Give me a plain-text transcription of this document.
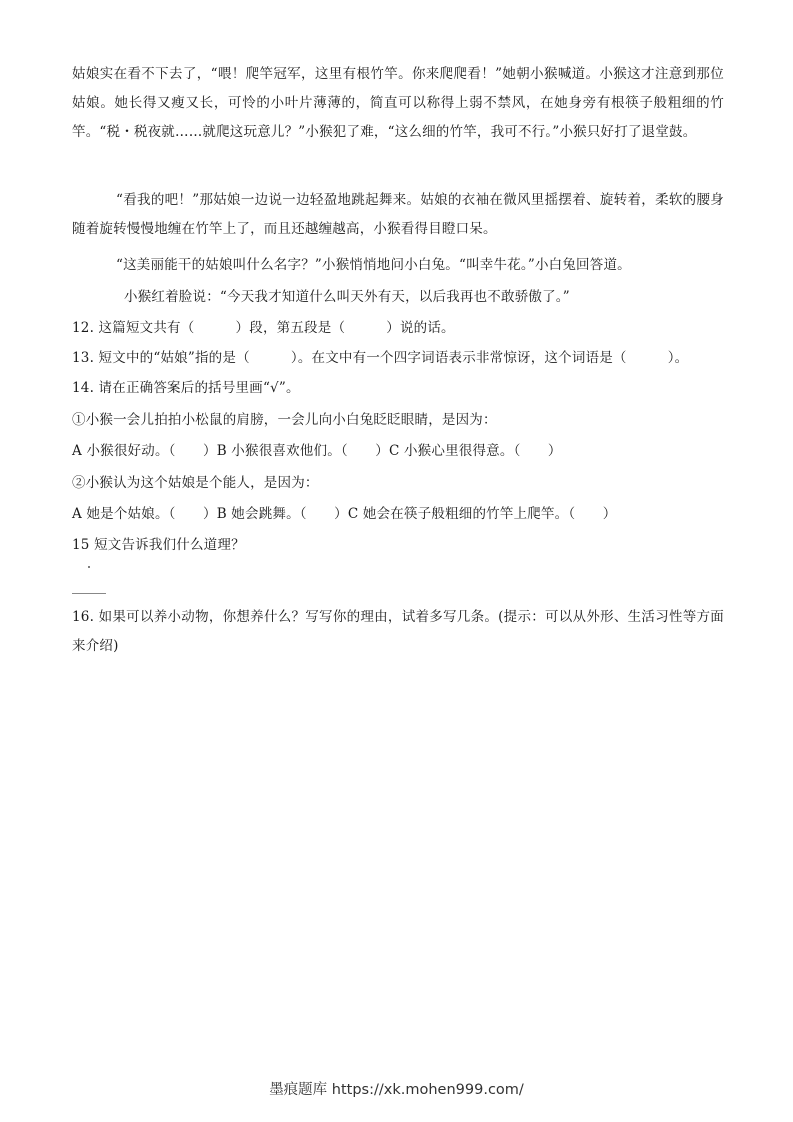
姑娘实在看不下去了，“喂！爬竿冠军，这里有根竹竿。你来爬爬看！”她朝小猴喊道。小猴这才注意到那位姑娘。她长得又瘦又长，可怜的小叶片薄薄的，简直可以称得上弱不禁风，在她身旁有根筷子般粗细的竹竿。“税・税夜就……就爬这玩意儿？”小猴犯了难，“这么细的竹竿，我可不行。”小猴只好打了退堂鼓。
“看我的吧！”那姑娘一边说一边轻盈地跳起舞来。姑娘的衣袖在微风里摇摆着、旋转着，柔软的腰身随着旋转慢慢地缠在竹竿上了，而且还越缠越高，小猴看得目瞪口呆。
“这美丽能干的姑娘叫什么名字？”小猴悄悄地问小白兔。“叫幸牛花。”小白兔回答道。
小猴红着脸说：“今天我才知道什么叫天外有天，以后我再也不敢骄傲了。”
12. 这篇短文共有（　　　）段，第五段是（　　　）说的话。
13. 短文中的“姑娘”指的是（　　　）。在文中有一个四字词语表示非常惊讶，这个词语是（　　　）。
14. 请在正确答案后的括号里画“√”。
①小猴一会儿拍拍小松鼠的肩膀，一会儿向小白兔眨眨眼睛，是因为：
A 小猴很好动。（　　）B 小猴很喜欢他们。（　　）C 小猴心里很得意。（　　）
②小猴认为这个姑娘是个能人，是因为：
A 她是个姑娘。（　　）B 她会跳舞。（　　）C 她会在筷子般粗细的竹竿上爬竿。（　　）
15 短文告诉我们什么道理？
16. 如果可以养小动物，你想养什么？写写你的理由，试着多写几条。(提示：可以从外形、生活习性等方面来介绍)
墨痕题库 https://xk.mohen999.com/
